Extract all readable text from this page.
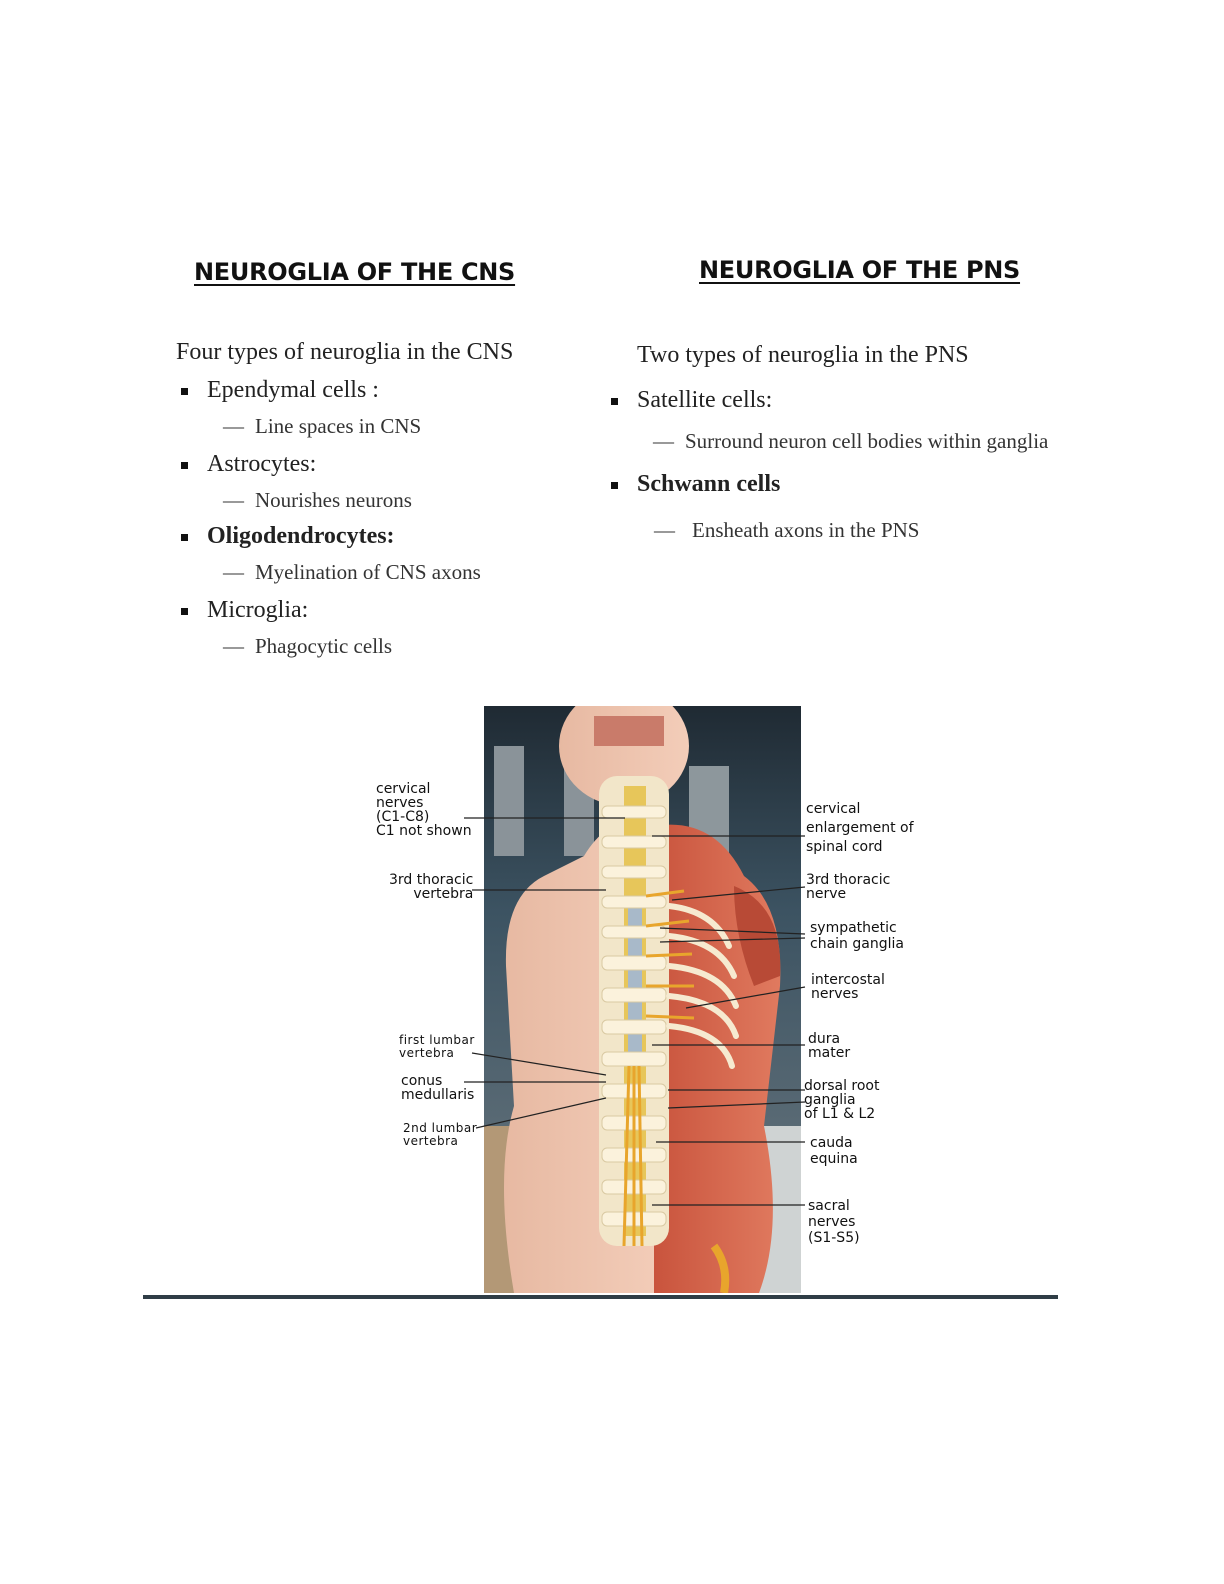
NEUROGLIA OF THE CNS	NEUROGLIA OF THE PNS

Four types of neuroglia in the CNS

Ependymal cells :
— Line spaces in CNS
Astrocytes:
— Nourishes neurons
Oligodendrocytes:
— Myelination of CNS axons
Microglia:
— Phagocytic cells

Two types of neuroglia in the PNS

Satellite cells:
— Surround neuron cell bodies within ganglia
Schwann cells
— Ensheath axons in the PNS
cervical
nerves
(C1-C8)
C1 not shown
3rd thoracic
vertebra
first lumbar
vertebra
conus
medullaris
2nd lumbar
vertebra
cervical
enlargement of
spinal cord
3rd thoracic
nerve
sympathetic
chain ganglia
intercostal
nerves
dura
mater
dorsal root
ganglia
of L1 & L2
cauda
equina
sacral
nerves
(S1-S5)
